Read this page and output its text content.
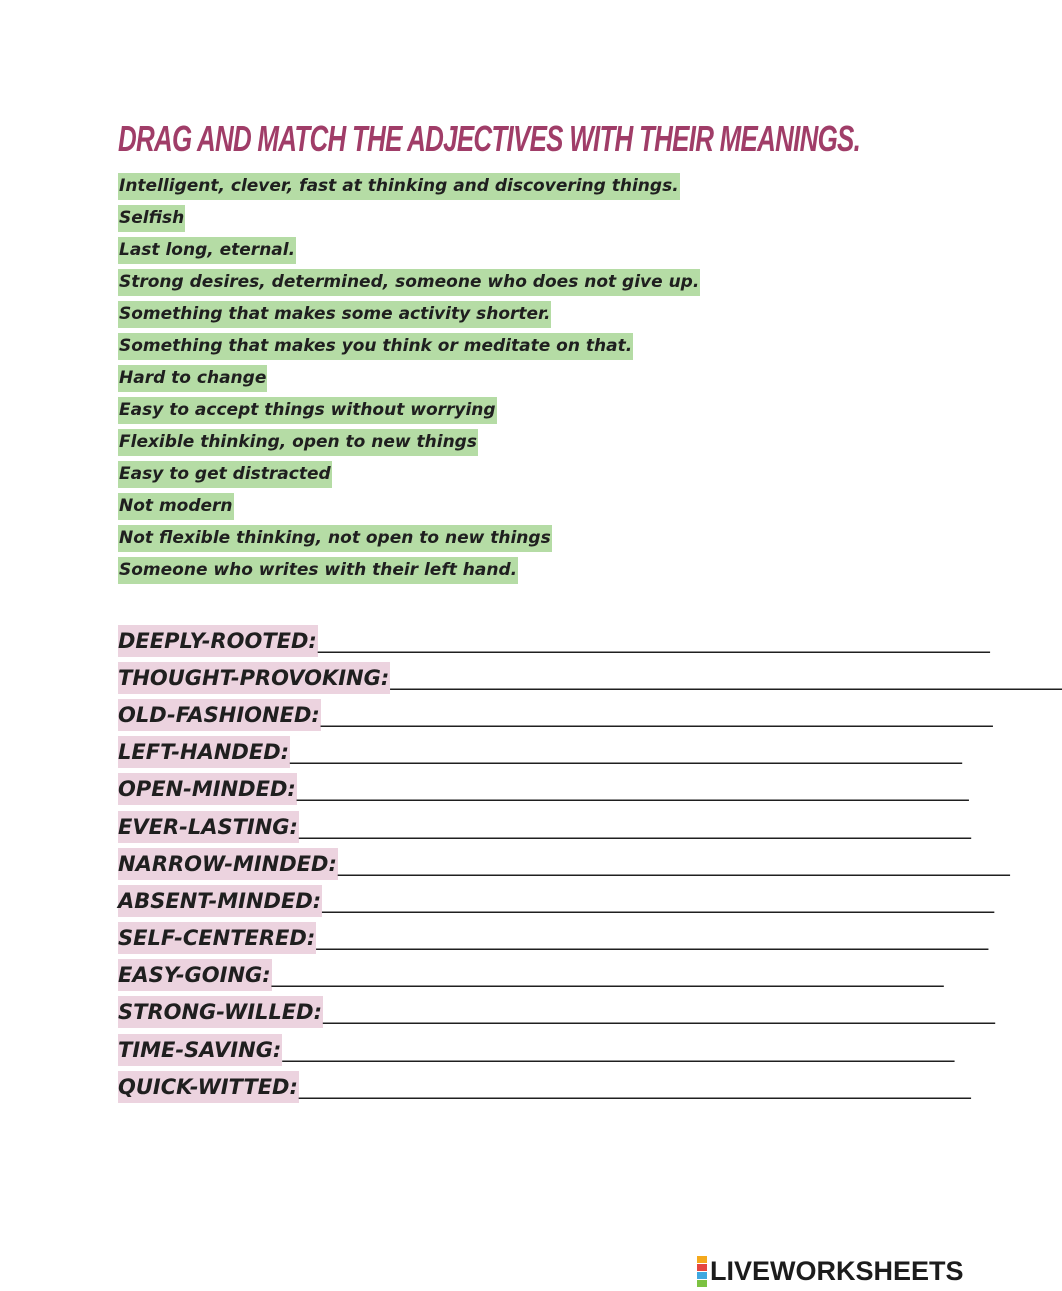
DRAG AND MATCH THE ADJECTIVES WITH THEIR MEANINGS.
Intelligent, clever, fast at thinking and discovering things.
Selfish
Last long, eternal.
Strong desires, determined, someone who does not give up.
Something that makes some activity shorter.
Something that makes you think or meditate on that.
Hard to change
Easy to accept things without worrying
Flexible thinking, open to new things
Easy to get distracted
Not modern
Not flexible thinking, not open to new things
Someone who writes with their left hand.
DEEPLY-ROOTED: ________________________________________________________________
THOUGHT-PROVOKING: ________________________________________________________________
OLD-FASHIONED: ________________________________________________________________
LEFT-HANDED: ________________________________________________________________
OPEN-MINDED: ________________________________________________________________
EVER-LASTING: ________________________________________________________________
NARROW-MINDED: ________________________________________________________________
ABSENT-MINDED: ________________________________________________________________
SELF-CENTERED: ________________________________________________________________
EASY-GOING: ________________________________________________________________
STRONG-WILLED: ________________________________________________________________
TIME-SAVING: ________________________________________________________________
QUICK-WITTED: ________________________________________________________________
LIVEWORKSHEETS
